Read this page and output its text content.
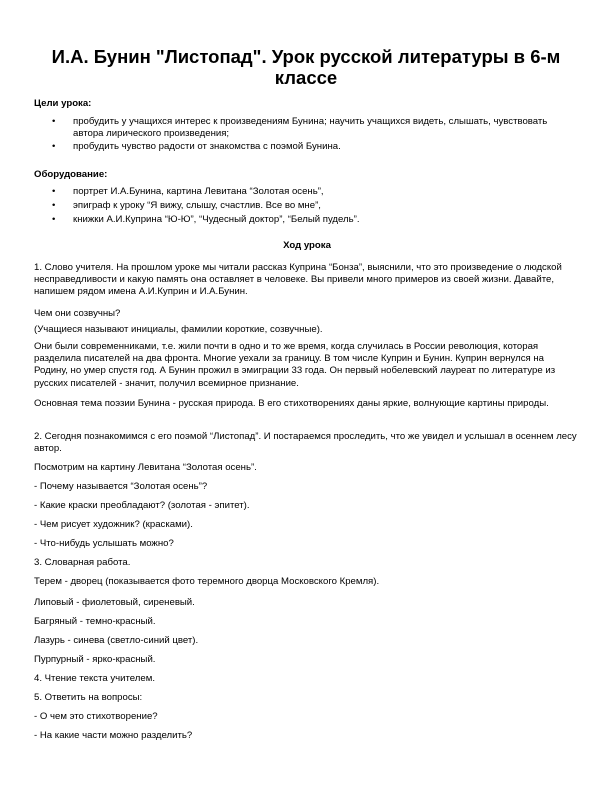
И.А. Бунин "Листопад". Урок русской литературы в 6-м классе
Цели урока:
• пробудить у учащихся интерес к произведениям Бунина; научить учащихся видеть, слышать, чувствовать автора лирического произведения;
• пробудить чувство радости от знакомства с поэмой Бунина.
Оборудование:
• портрет И.А.Бунина, картина Левитана “Золотая осень”,
• эпиграф к уроку “Я вижу, слышу, счастлив. Все во мне”,
• книжки А.И.Куприна “Ю-Ю”, “Чудесный доктор”, “Белый пудель”.
Ход урока
1. Слово учителя. На прошлом уроке мы читали рассказ Куприна “Бонза”, выяснили, что это произведение о людской несправедливости и какую память она оставляет в человеке. Вы привели много примеров из своей жизни. Давайте, напишем рядом имена А.И.Куприн и И.А.Бунин.
Чем они созвучны?
(Учащиеся называют инициалы, фамилии короткие, созвучные).
Они были современниками, т.е. жили почти в одно и то же время, когда случилась в России революция, которая разделила писателей на два фронта. Многие уехали за границу. В том числе Куприн и Бунин. Куприн вернулся на Родину, но умер спустя год. А Бунин прожил в эмиграции 33 года. Он первый нобелевский лауреат по литературе из русских писателей - значит, получил всемирное признание.
Основная тема поэзии Бунина - русская природа. В его стихотворениях даны яркие, волнующие картины природы.
2. Сегодня познакомимся с его поэмой “Листопад”. И постараемся проследить, что же увидел и услышал в осеннем лесу автор.
Посмотрим на картину Левитана “Золотая осень”.
- Почему называется “Золотая осень”?
- Какие краски преобладают? (золотая - эпитет).
- Чем рисует художник? (красками).
- Что-нибудь услышать можно?
3. Словарная работа.
Терем - дворец (показывается фото теремного дворца Московского Кремля).
Липовый - фиолетовый, сиреневый.
Багряный - темно-красный.
Лазурь - синева (светло-синий цвет).
Пурпурный - ярко-красный.
4. Чтение текста учителем.
5. Ответить на вопросы:
- О чем это стихотворение?
- На какие части можно разделить?
